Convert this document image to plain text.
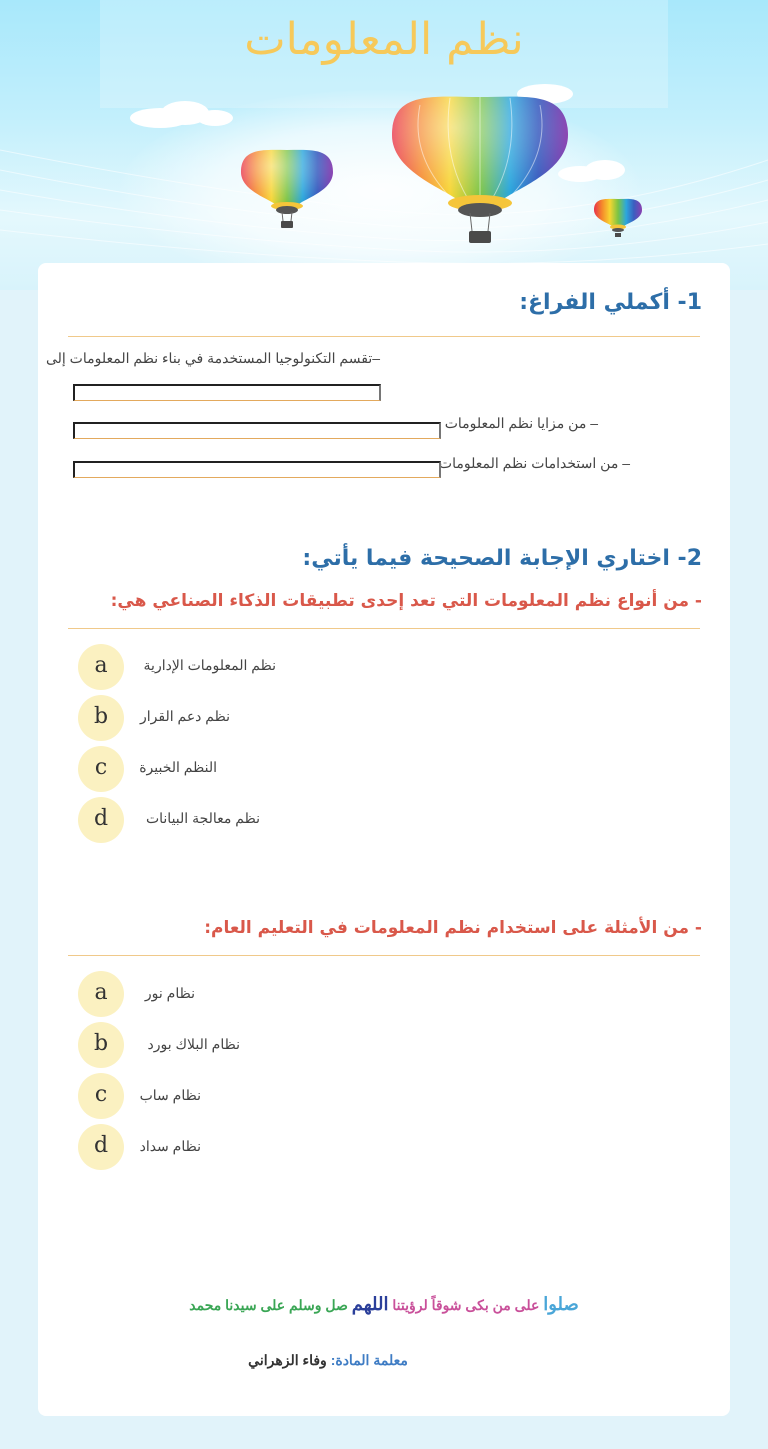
نظم المعلومات
1- أكملي الفراغ:
–تقسم التكنولوجيا المستخدمة في بناء نظم المعلومات إلى
– من مزايا نظم المعلومات
– من استخدامات نظم المعلومات
2- اختاري الإجابة الصحيحة فيما يأتي:
- من أنواع نظم المعلومات التي تعد إحدى تطبيقات الذكاء الصناعي هي:
a	نظم المعلومات الإدارية
b	نظم دعم القرار
c	النظم الخبيرة
d	نظم معالجة البيانات
- من الأمثلة على استخدام نظم المعلومات في التعليم العام:
a	نظام نور
b	نظام البلاك بورد
c	نظام ساب
d	نظام سداد
صلوا على من بكى شوقاً لرؤيتنا اللهم صل وسلم على سيدنا محمد
معلمة المادة: وفاء الزهراني
